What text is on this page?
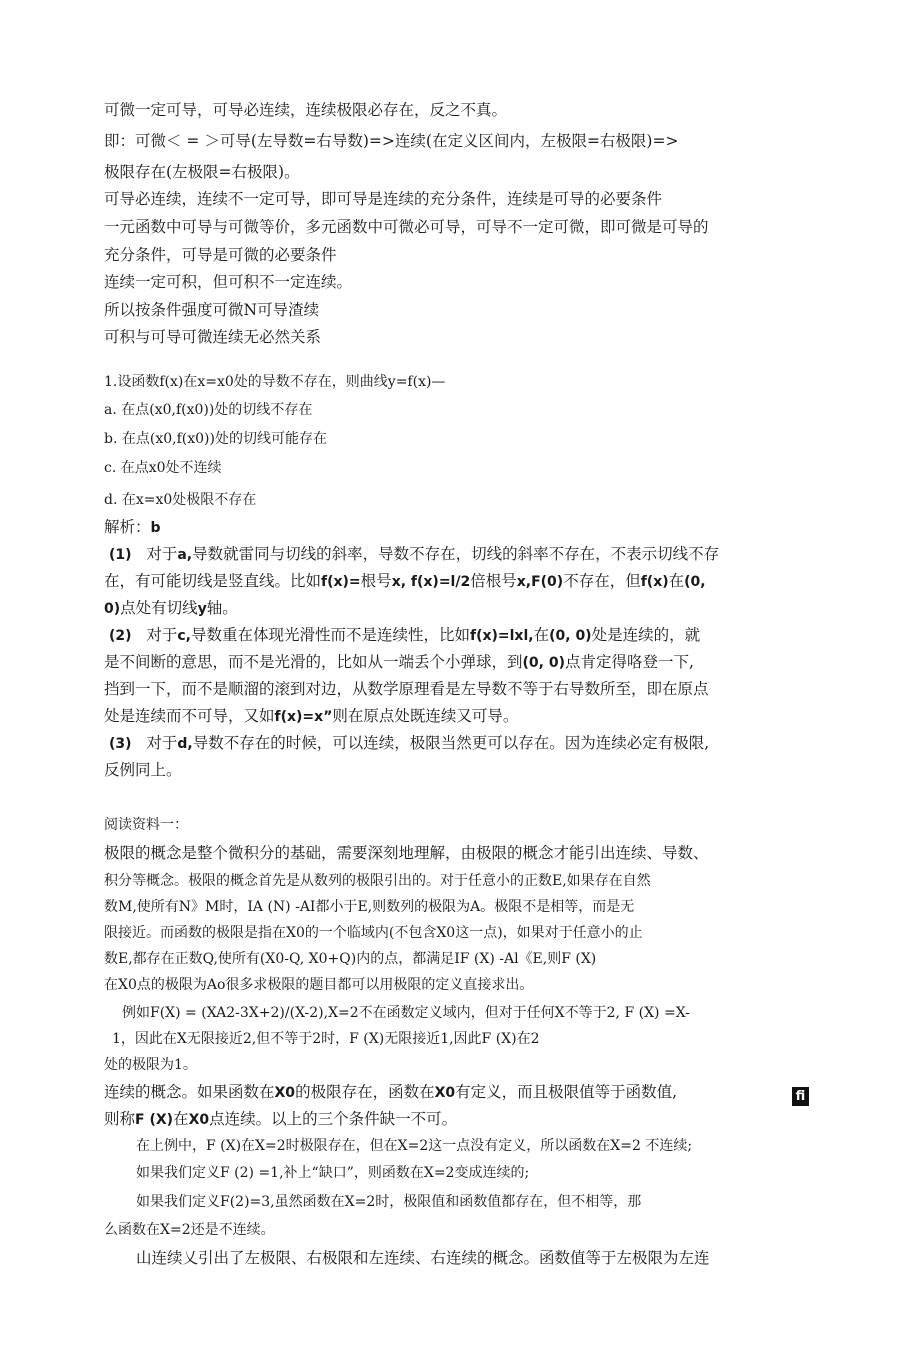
可微一定可导，可导必连续，连续极限必存在，反之不真。
即：可微＜ = ＞可导(左导数=右导数)=>连续(在定义区间内，左极限=右极限)=>
极限存在(左极限=右极限)。
可导必连续，连续不一定可导，即可导是连续的充分条件，连续是可导的必要条件
一元函数中可导与可微等价，多元函数中可微必可导，可导不一定可微，即可微是可导的
充分条件，可导是可微的必要条件
连续一定可积，但可积不一定连续。
所以按条件强度可微N可导渣续
可积与可导可微连续无必然关系
1.设函数f(x)在x=x0处的导数不存在，则曲线y=f(x)—
a. 在点(x0,f(x0))处的切线不存在
b. 在点(x0,f(x0))处的切线可能存在
c. 在点x0处不连续
d. 在x=x0处极限不存在
解析：b
(1) 对于a,导数就雷同与切线的斜率，导数不存在，切线的斜率不存在，不表示切线不存
在，有可能切线是竖直线。比如f(x)=根号x, f(x)=l/2倍根号x,F(0)不存在，但f(x)在(0,
0)点处有切线y轴。
(2) 对于c,导数重在体现光滑性而不是连续性，比如f(x)=lxl,在(0, 0)处是连续的，就
是不间断的意思，而不是光滑的，比如从一端丢个小弹球，到(0, 0)点肯定得咯登一下,
挡到一下，而不是顺溜的滚到对边，从数学原理看是左导数不等于右导数所至，即在原点
处是连续而不可导，又如f(x)=x”则在原点处既连续又可导。
(3) 对于d,导数不存在的时候，可以连续，极限当然更可以存在。因为连续必定有极限,
反例同上。
阅读资料一：
极限的概念是整个微积分的基础，需要深刻地理解，由极限的概念才能引出连续、导数、
积分等概念。极限的概念首先是从数列的极限引出的。对于任意小的正数E,如果存在自然
数M,使所有N》M时，IA (N) -AI都小于E,则数列的极限为A。极限不是相等，而是无
限接近。而函数的极限是指在X0的一个临域内(不包含X0这一点)，如果对于任意小的止
数E,都存在正数Q,使所有(X0-Q, X0+Q)内的点，都满足IF (X) -Al《E,则F (X)
在X0点的极限为Ao很多求极限的题目都可以用极限的定义直接求出。
例如F(X) = (XA2-3X+2)/(X-2),X=2不在函数定义域内，但对于任何X不等于2, F (X) =X-
1，因此在X无限接近2,但不等于2时，F (X)无限接近1,因此F (X)在2
处的极限为1。
连续的概念。如果函数在X0的极限存在，函数在X0有定义，而且极限值等于函数值,	fi
则称F (X)在X0点连续。以上的三个条件缺一不可。
在上例中，F (X)在X=2时极限存在，但在X=2这一点没有定义，所以函数在X=2 不连续;
如果我们定义F (2) =1,补上“缺口”，则函数在X=2变成连续的;
如果我们定义F(2)=3,虽然函数在X=2时，极限值和函数值都存在，但不相等，那
么函数在X=2还是不连续。
山连续乂引出了左极限、右极限和左连续、右连续的概念。函数值等于左极限为左连
